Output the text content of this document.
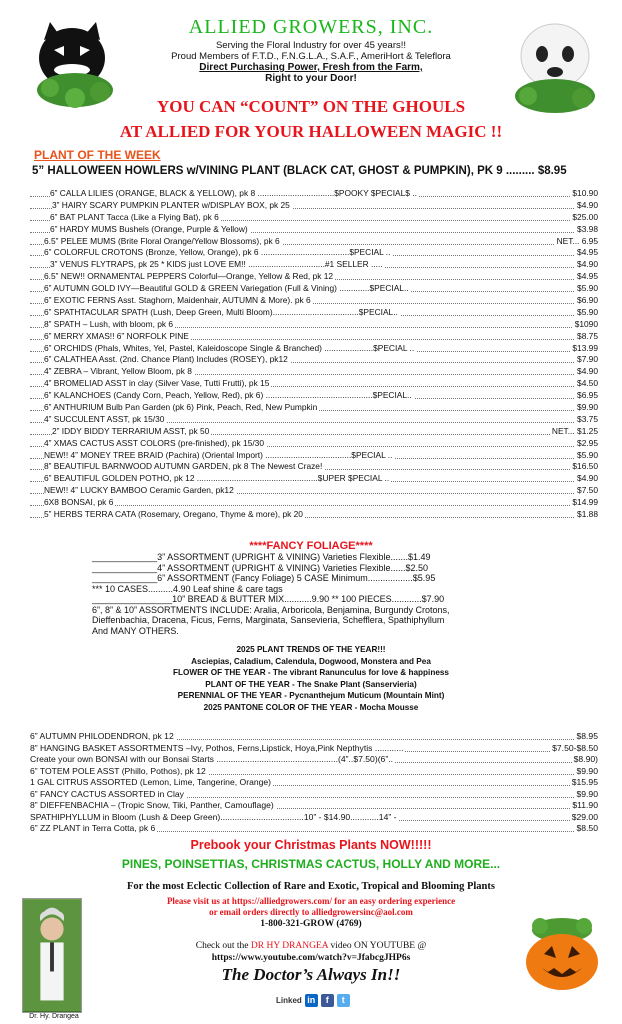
ALLIED GROWERS, INC.
Serving the Floral Industry for over 45 years!!
Proud Members of F.T.D., F.N.G.L.A., S.A.F., AmeriHort & Teleflora
Direct Purchasing Power, Fresh from the Farm,
Right to your Door!
YOU CAN “COUNT” ON THE GHOULS
AT ALLIED FOR YOUR HALLOWEEN MAGIC !!
PLANT OF THE WEEK
5” HALLOWEEN HOWLERS w/VINING PLANT (BLACK CAT, GHOST & PUMPKIN), PK 9 ......... $8.95
6” CALLA LILIES (ORANGE, BLACK & YELLOW), pk 8 .................................$POOKY $PECIAL$ ..	$10.90
3” HAIRY SCARY PUMPKIN PLANTER w/DISPLAY BOX, pk 25	$4.90
6” BAT PLANT Tacca (Like a Flying Bat), pk 6	$25.00
6” HARDY MUMS Bushels (Orange, Purple & Yellow)	$3.98
6.5” PELEE MUMS (Brite Floral Orange/Yellow Blossoms), pk 6	NET... 6.95
6” COLORFUL CROTONS (Bronze, Yellow, Orange), pk 6 ......................................$PECIAL ..	$4.95
3” VENUS FLYTRAPS, pk 25 * KIDS just LOVE EM!! .................................#1 SELLER .....	$4.90
6.5” NEW!! ORNAMENTAL PEPPERS Colorful—Orange, Yellow & Red, pk 12	$4.95
6” AUTUMN GOLD IVY—Beautiful GOLD & GREEN Variegation (Full & Vining) .............$PECIAL..	$5.90
6” EXOTIC FERNS Asst. Staghorn, Maidenhair, AUTUMN & More). pk 6	$6.90
6” SPATHTACULAR SPATH (Lush, Deep Green, Multi Bloom).....................................$PECIAL..	$5.90
8” SPATH – Lush, with bloom, pk 6	$1090
6” MERRY XMAS!! 6” NORFOLK PINE	$8.75
6” ORCHIDS (Phals, Whites, Yel, Pastel, Kaleidoscope Single & Branched) .....................$PECIAL ..	$13.99
6” CALATHEA Asst. (2nd. Chance Plant) Includes (ROSEY), pk12	$7.90
4” ZEBRA – Vibrant, Yellow Bloom, pk 8	$4.90
4” BROMELIAD ASST in clay (Silver Vase, Tutti Frutti), pk 15	$4.50
6” KALANCHOES (Candy Corn, Peach, Yellow, Red), pk 6) ..............................................$PECIAL..	$6.95
6” ANTHURIUM Bulb Pan Garden (pk 6) Pink, Peach, Red, New Pumpkin	$9.90
4” SUCCULENT ASST, pk 15/30	$3.75
2” IDDY BIDDY TERRARIUM ASST, pk 50	NET... $1.25
4” XMAS CACTUS ASST COLORS (pre-finished), pk 15/30	$2.95
NEW!! 4” MONEY TREE BRAID (Pachira) (Oriental Import) .....................................$PECIAL ..	$5.90
8” BEAUTIFUL BARNWOOD AUTUMN GARDEN, pk 8 The Newest Craze!	$16.50
6” BEAUTIFUL GOLDEN POTHO, pk 12 ....................................................$UPER $PECIAL ..	$4.90
NEW!! 4” LUCKY BAMBOO Ceramic Garden, pk12	$7.50
6X8 BONSAI, pk 6	$14.99
5” HERBS TERRA CATA (Rosemary, Oregano, Thyme & more), pk 20	$1.88
****FANCY FOLIAGE****
_____________3” ASSORTMENT (UPRIGHT & VINING) Varieties Flexible.......$1.49
_____________4” ASSORTMENT (UPRIGHT & VINING) Varieties Flexible......$2.50
_____________6” ASSORTMENT (Fancy Foliage) 5 CASE Minimum..................$5.95
*** 10 CASES..........4.90 Leaf shine & care tags
________________10” BREAD & BUTTER MIX...........9.90 ** 100 PIECES............$7.90
6”, 8” & 10” ASSORTMENTS INCLUDE: Aralia, Arboricola, Benjamina, Burgundy Crotons,
Dieffenbachia, Dracena, Ficus, Ferns, Marginata, Sansevieria, Schefflera, Spathiphyllum
And MANY OTHERS.
2025 PLANT TRENDS OF THE YEAR!!!
Asciepias, Caladium, Calendula, Dogwood, Monstera and Pea
FLOWER OF THE YEAR - The vibrant Ranunculus for love & happiness
PLANT OF THE YEAR - The Snake Plant (Sanservieria)
PERENNIAL OF THE YEAR - Pycnanthejum Muticum (Mountain Mint)
2025 PANTONE COLOR OF THE YEAR - Mocha Mousse
6” AUTUMN PHILODENDRON, pk 12	$8.95
8” HANGING BASKET ASSORTMENTS –Ivy, Pothos, Ferns,Lipstick, Hoya,Pink Nepthytis ............	$7.50-$8.50
Create your own BONSAI with our Bonsai Starts ...................................................(4”..$7.50)(6”..	$8.90)
6” TOTEM POLE ASST (Phillo, Pothos), pk 12	$9.90
1 GAL CITRUS ASSORTED (Lemon, Lime, Tangerine, Orange)	$15.95
6” FANCY CACTUS ASSORTED in Clay	$9.90
8” DIEFFENBACHIA – (Tropic Snow, Tiki, Panther, Camouflage)	$11.90
SPATHIPHYLLUM in Bloom (Lush & Deep Green)...................................10” - $14.90............14” -	$29.00
6” ZZ PLANT in Terra Cotta, pk 6	$8.50
Prebook your Christmas Plants NOW!!!!!
PINES, POINSETTIAS, CHRISTMAS CACTUS, HOLLY AND MORE...
For the most Eclectic Collection of Rare and Exotic, Tropical and Blooming Plants
Please visit us at https://alliedgrowers.com/ for an easy ordering experience
or email orders directly to alliedgrowersinc@aol.com
1-800-321-GROW (4769)
Check out the DR HY DRANGEA video ON YOUTUBE @
https://www.youtube.com/watch?v=JfabcgJHP6s
The Doctor’s Always In!!
Linked in	f	t
Dr. Hy. Drangea
